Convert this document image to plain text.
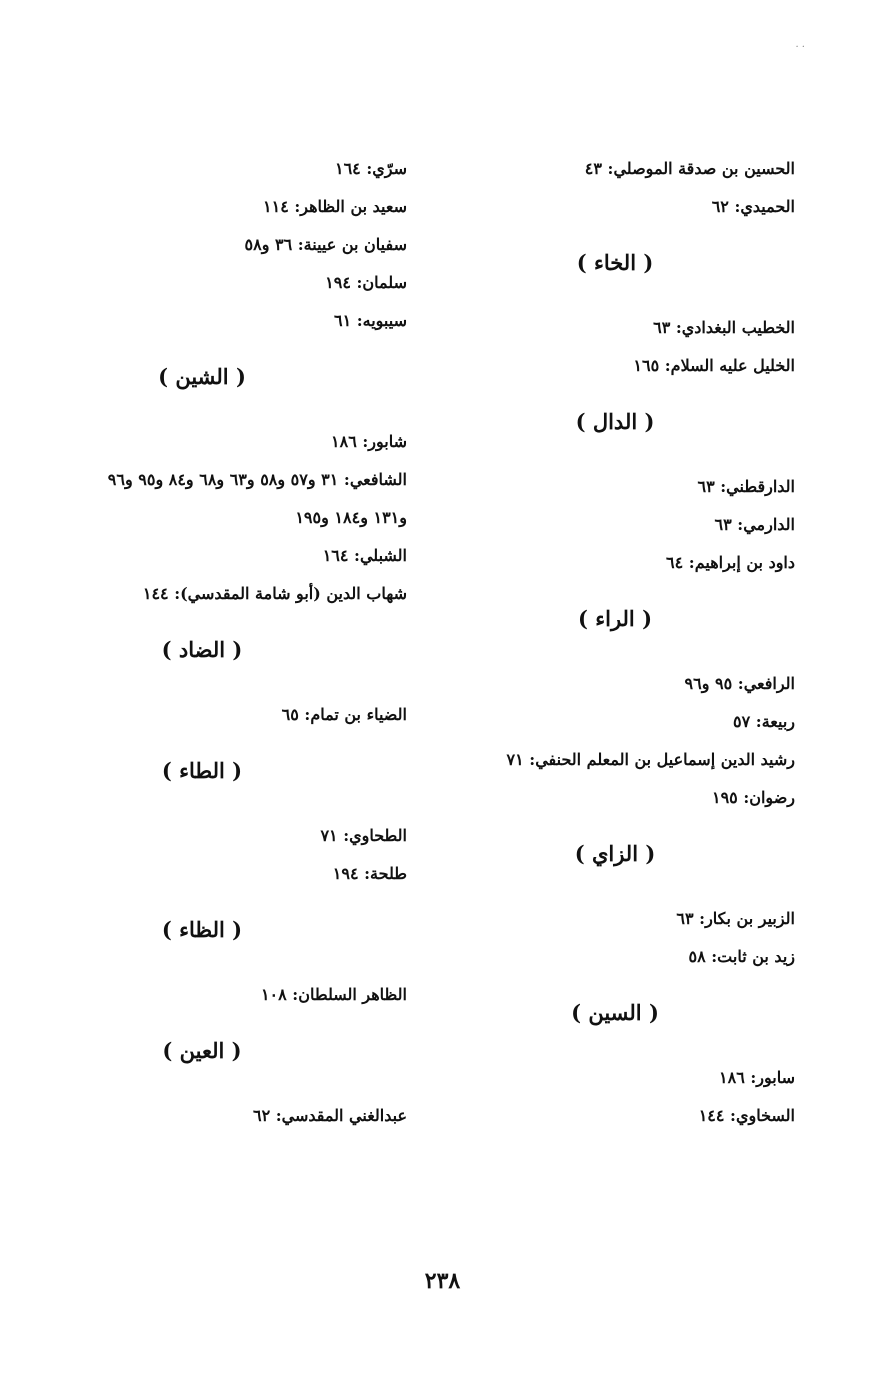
· ·
الحسين بن صدقة الموصلي: ٤٣
الحميدي: ٦٢
( الخاء )
الخطيب البغدادي: ٦٣
الخليل عليه السلام: ١٦٥
( الدال )
الدارقطني: ٦٣
الدارمي: ٦٣
داود بن إبراهيم: ٦٤
( الراء )
الرافعي: ٩٥ و٩٦
ربيعة: ٥٧
رشيد الدين إسماعيل بن المعلم الحنفي: ٧١
رضوان: ١٩٥
( الزاي )
الزبير بن بكار: ٦٣
زيد بن ثابت: ٥٨
( السين )
سابور: ١٨٦
السخاوي: ١٤٤
سرّي: ١٦٤
سعيد بن الظاهر: ١١٤
سفيان بن عيينة: ٣٦ و٥٨
سلمان: ١٩٤
سيبويه: ٦١
( الشين )
شابور: ١٨٦
الشافعي: ٣١ و٥٧ و٥٨ و٦٣ و٦٨ و٨٤ و٩٥ و٩٦
و١٣١ و١٨٤ و١٩٥
الشبلي: ١٦٤
شهاب الدين (أبو شامة المقدسي): ١٤٤
( الضاد )
الضياء بن تمام: ٦٥
( الطاء )
الطحاوي: ٧١
طلحة: ١٩٤
( الظاء )
الظاهر السلطان: ١٠٨
( العين )
عبدالغني المقدسي: ٦٢
٢٣٨
